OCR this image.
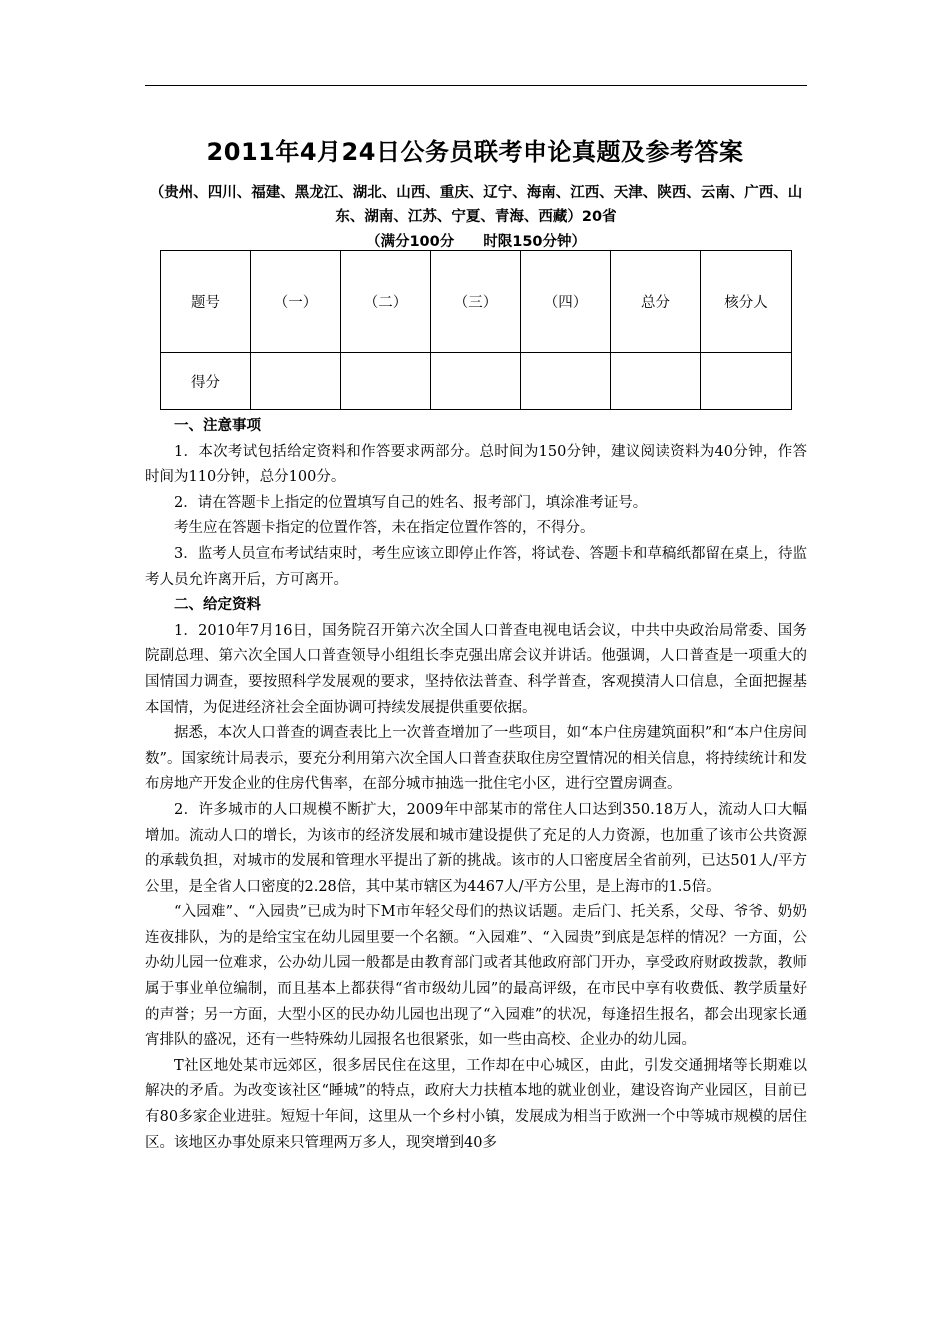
2011年4月24日公务员联考申论真题及参考答案
（贵州、四川、福建、黑龙江、湖北、山西、重庆、辽宁、海南、江西、天津、陕西、云南、广西、山
东、湖南、江苏、宁夏、青海、西藏）20省
（满分100分　　时限150分钟）
题号	（一）	（二）	（三）	（四）	总分	核分人
得分						

一、注意事项

1．本次考试包括给定资料和作答要求两部分。总时间为150分钟，建议阅读资料为40分钟，作答时间为110分钟，总分100分。

2．请在答题卡上指定的位置填写自己的姓名、报考部门，填涂准考证号。

考生应在答题卡指定的位置作答，未在指定位置作答的，不得分。

3．监考人员宣布考试结束时，考生应该立即停止作答，将试卷、答题卡和草稿纸都留在桌上，待监考人员允许离开后，方可离开。

二、给定资料

1．2010年7月16日，国务院召开第六次全国人口普查电视电话会议，中共中央政治局常委、国务院副总理、第六次全国人口普查领导小组组长李克强出席会议并讲话。他强调，人口普查是一项重大的国情国力调查，要按照科学发展观的要求，坚持依法普查、科学普查，客观摸清人口信息，全面把握基本国情，为促进经济社会全面协调可持续发展提供重要依据。

据悉，本次人口普查的调查表比上一次普查增加了一些项目，如“本户住房建筑面积”和“本户住房间数”。国家统计局表示，要充分利用第六次全国人口普查获取住房空置情况的相关信息，将持续统计和发布房地产开发企业的住房代售率，在部分城市抽选一批住宅小区，进行空置房调查。

2．许多城市的人口规模不断扩大，2009年中部某市的常住人口达到350.18万人，流动人口大幅增加。流动人口的增长，为该市的经济发展和城市建设提供了充足的人力资源，也加重了该市公共资源的承载负担，对城市的发展和管理水平提出了新的挑战。该市的人口密度居全省前列，已达501人/平方公里，是全省人口密度的2.28倍，其中某市辖区为4467人/平方公里，是上海市的1.5倍。

“入园难”、“入园贵”已成为时下M市年轻父母们的热议话题。走后门、托关系，父母、爷爷、奶奶连夜排队，为的是给宝宝在幼儿园里要一个名额。“入园难”、“入园贵”到底是怎样的情况？一方面，公办幼儿园一位难求，公办幼儿园一般都是由教育部门或者其他政府部门开办，享受政府财政拨款，教师属于事业单位编制，而且基本上都获得“省市级幼儿园”的最高评级，在市民中享有收费低、教学质量好的声誉；另一方面，大型小区的民办幼儿园也出现了“入园难”的状况，每逢招生报名，都会出现家长通宵排队的盛况，还有一些特殊幼儿园报名也很紧张，如一些由高校、企业办的幼儿园。

T社区地处某市远郊区，很多居民住在这里，工作却在中心城区，由此，引发交通拥堵等长期难以解决的矛盾。为改变该社区“睡城”的特点，政府大力扶植本地的就业创业，建设咨询产业园区，目前已有80多家企业进驻。短短十年间，这里从一个乡村小镇，发展成为相当于欧洲一个中等城市规模的居住区。该地区办事处原来只管理两万多人，现突增到40多
